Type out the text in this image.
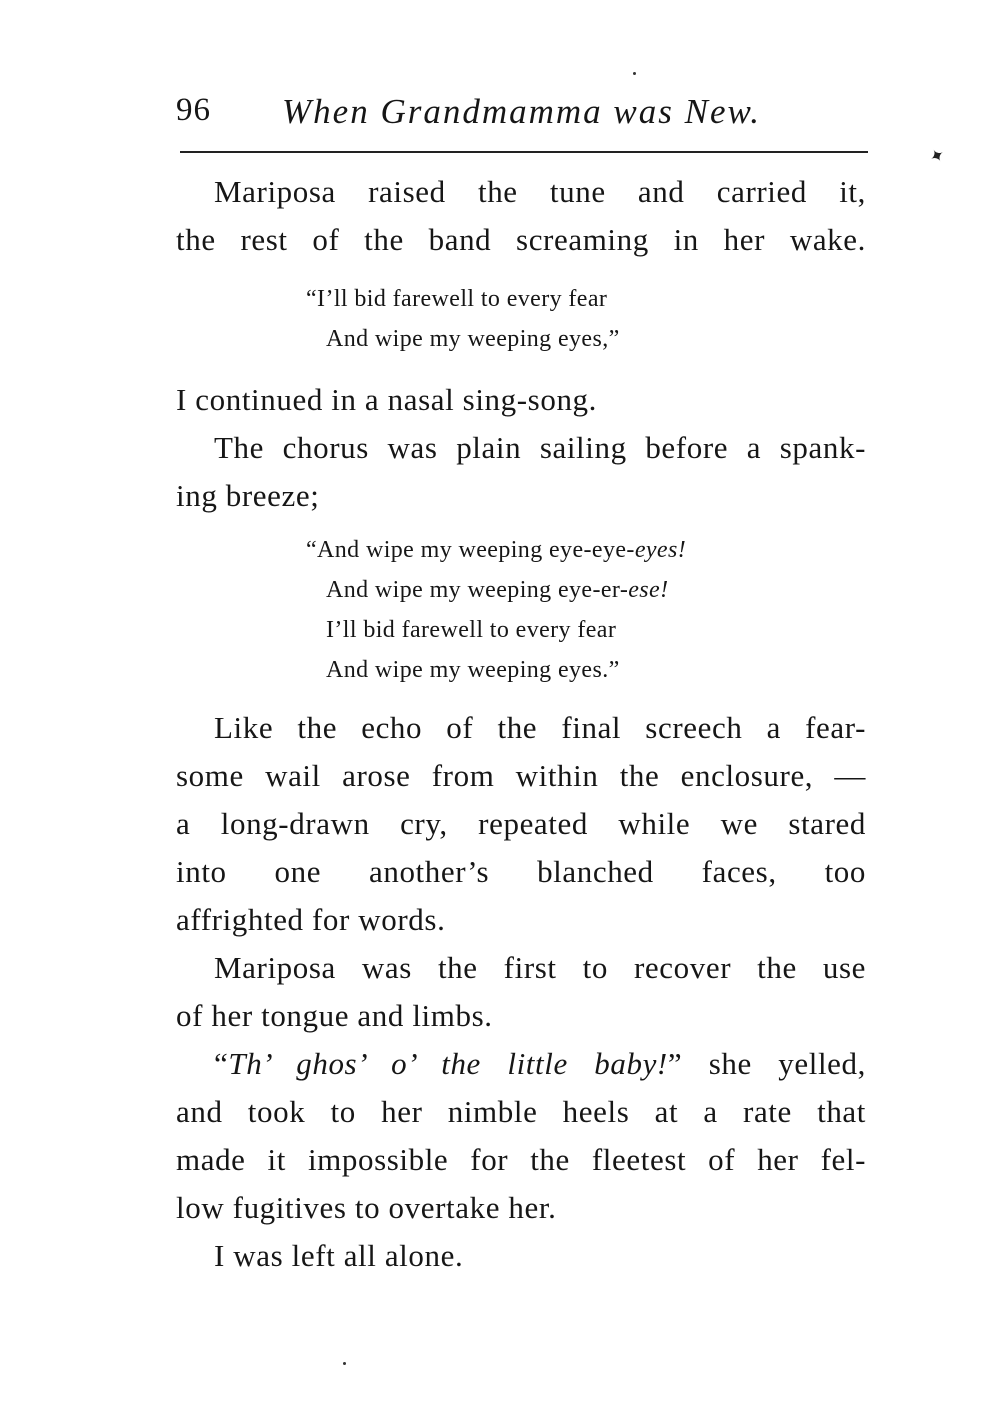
96 When Grandmamma was New.
✦
Mariposa raised the tune and carried it,
the rest of the band screaming in her wake.
“I’ll bid farewell to every fear
And wipe my weeping eyes,”
I continued in a nasal sing-song.
The chorus was plain sailing before a spank-
ing breeze;
“And wipe my weeping eye-eye-eyes!
And wipe my weeping eye-er-ese!
I’ll bid farewell to every fear
And wipe my weeping eyes.”
Like the echo of the final screech a fear-
some wail arose from within the enclosure, —
a long-drawn cry, repeated while we stared
into one another’s blanched faces, too
affrighted for words.
Mariposa was the first to recover the use
of her tongue and limbs.
“Th’ ghos’ o’ the little baby!” she yelled,
and took to her nimble heels at a rate that
made it impossible for the fleetest of her fel-
low fugitives to overtake her.
I was left all alone.
